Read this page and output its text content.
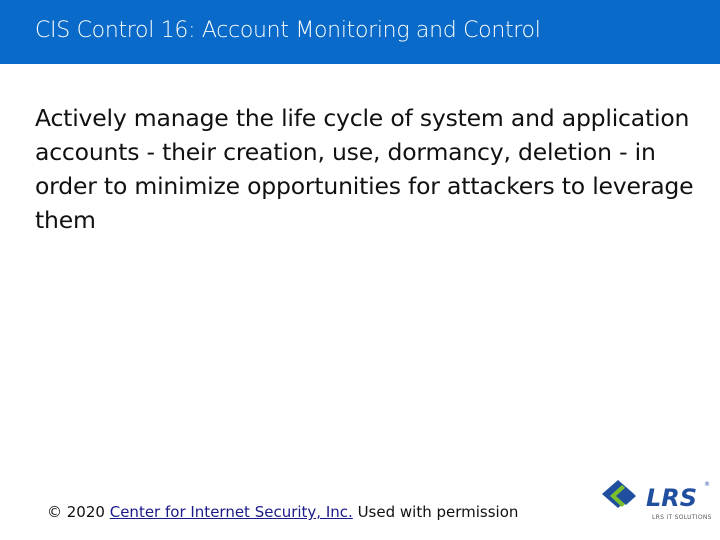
CIS Control 16: Account Monitoring and Control
Actively manage the life cycle of system and application accounts - their creation, use, dormancy, deletion - in order to minimize opportunities for attackers to leverage them
© 2020 Center for Internet Security, Inc. Used with permission	LRS ®
LRS IT SOLUTIONS
